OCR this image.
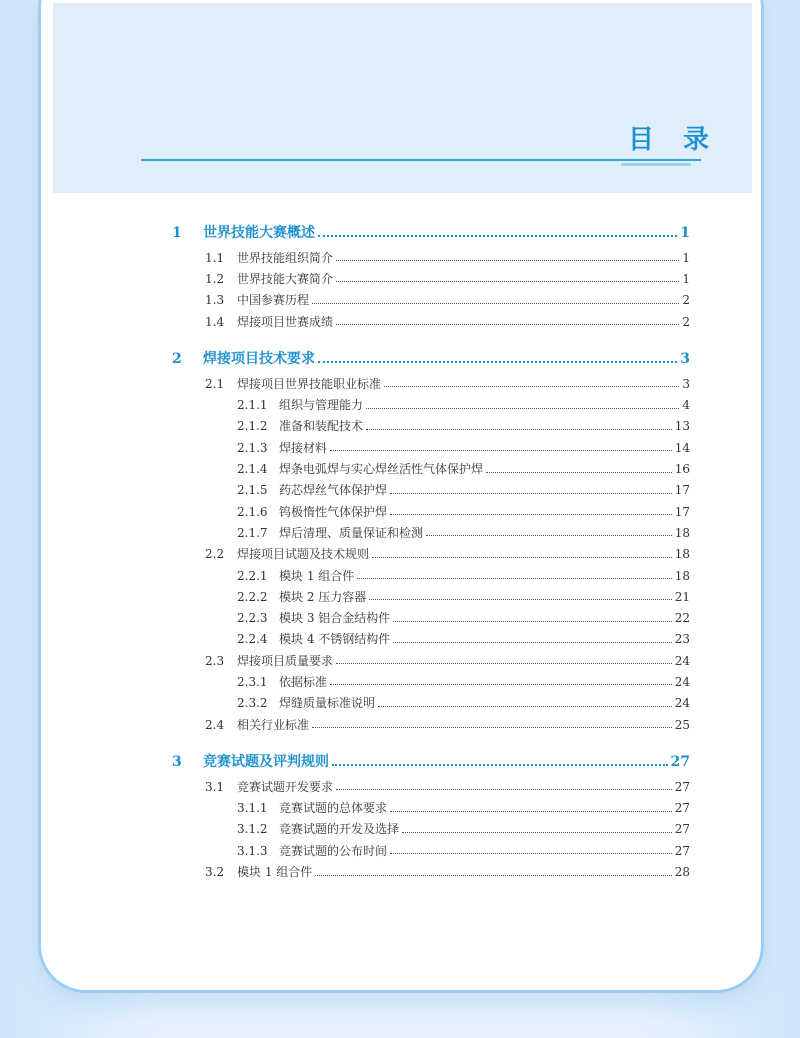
目 录
1	世界技能大赛概述	1
1.1	世界技能组织简介	1
1.2	世界技能大赛简介	1
1.3	中国参赛历程	2
1.4	焊接项目世赛成绩	2
2	焊接项目技术要求	3
2.1	焊接项目世界技能职业标准	3
2.1.1 组织与管理能力	4
2.1.2 准备和装配技术	13
2.1.3 焊接材料	14
2.1.4 焊条电弧焊与实心焊丝活性气体保护焊	16
2.1.5 药芯焊丝气体保护焊	17
2.1.6 钨极惰性气体保护焊	17
2.1.7 焊后清理、质量保证和检测	18
2.2	焊接项目试题及技术规则	18
2.2.1 模块 1 组合件	18
2.2.2 模块 2 压力容器	21
2.2.3 模块 3 铝合金结构件	22
2.2.4 模块 4 不锈钢结构件	23
2.3	焊接项目质量要求	24
2.3.1 依据标准	24
2.3.2 焊缝质量标准说明	24
2.4	相关行业标准	25
3	竞赛试题及评判规则	27
3.1	竞赛试题开发要求	27
3.1.1 竞赛试题的总体要求	27
3.1.2 竞赛试题的开发及选择	27
3.1.3 竞赛试题的公布时间	27
3.2	模块 1 组合件	28
